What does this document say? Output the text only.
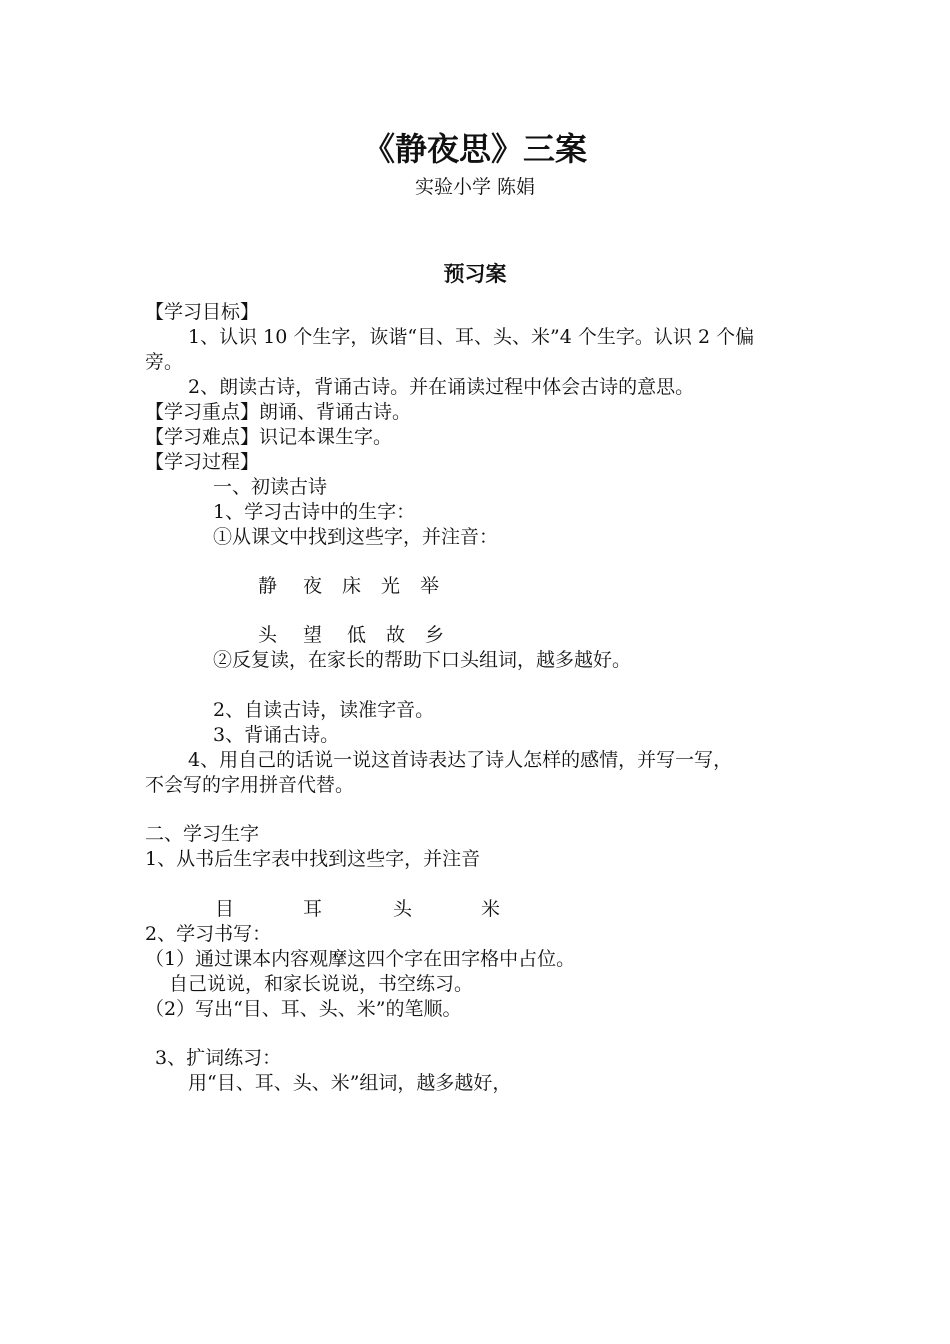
《静夜思》三案
实验小学 陈娟
预习案
【学习目标】
1、认识 10 个生字，诙谐“目、耳、头、米”4 个生字。认识 2 个偏
旁。
2、朗读古诗，背诵古诗。并在诵读过程中体会古诗的意思。
【学习重点】朗诵、背诵古诗。
【学习难点】识记本课生字。
【学习过程】
一、初读古诗
1、学习古诗中的生字：
①从课文中找到这些字，并注音：
静 夜 床 光 举
头 望 低 故 乡
②反复读，在家长的帮助下口头组词，越多越好。
2、自读古诗，读准字音。
3、背诵古诗。
4、用自己的话说一说这首诗表达了诗人怎样的感情，并写一写，
不会写的字用拼音代替。
二、学习生字
1、从书后生字表中找到这些字，并注音
目	耳	头	米
2、学习书写：
（1）通过课本内容观摩这四个字在田字格中占位。
自己说说，和家长说说，书空练习。
（2）写出“目、耳、头、米”的笔顺。
3、扩词练习：
用“目、耳、头、米”组词，越多越好，
